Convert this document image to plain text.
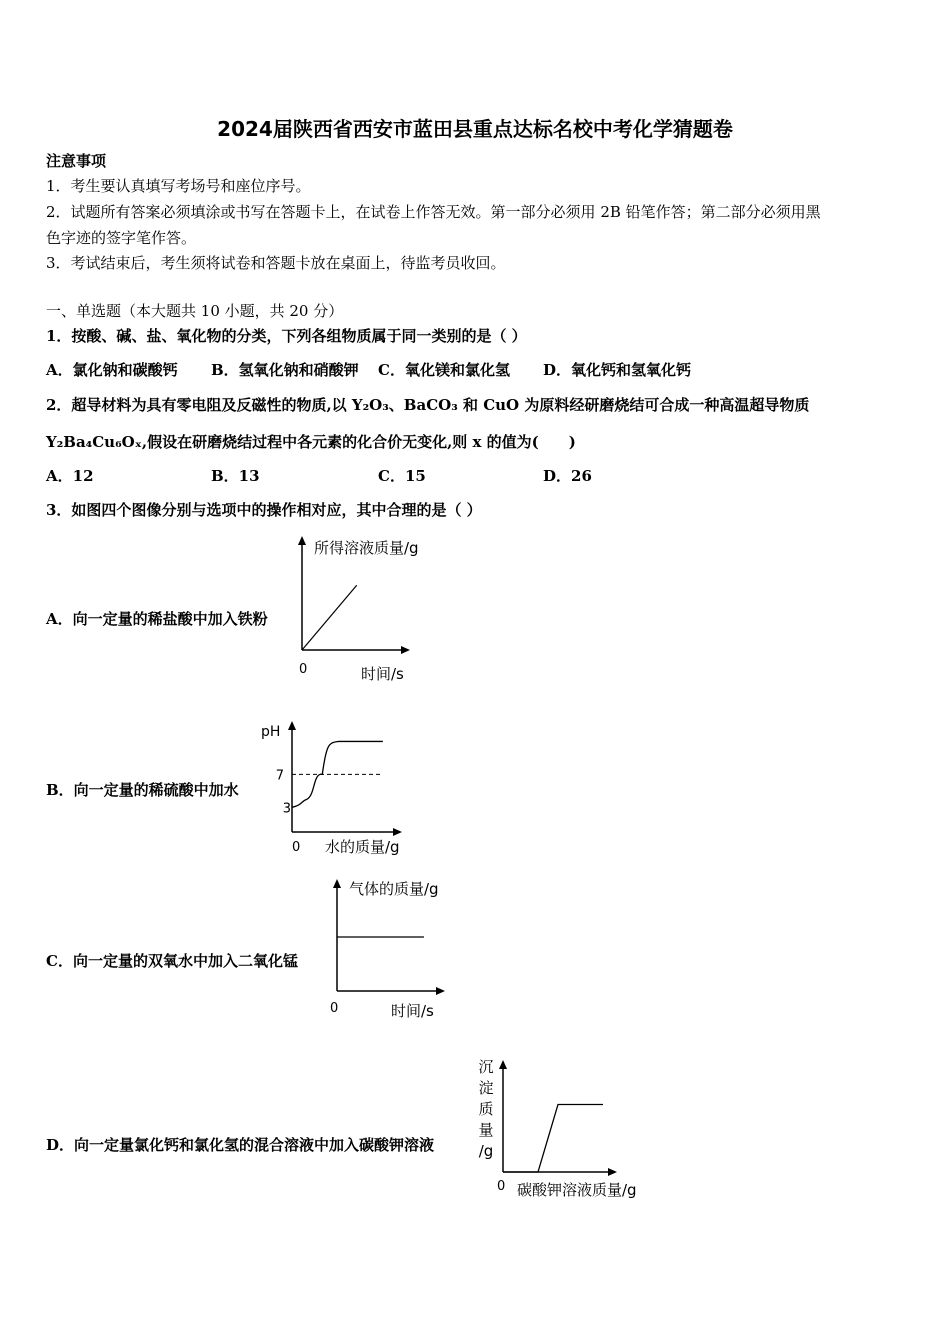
2024届陕西省西安市蓝田县重点达标名校中考化学猜题卷
注意事项
1．考生要认真填写考场号和座位序号。
2．试题所有答案必须填涂或书写在答题卡上，在试卷上作答无效。第一部分必须用 2B 铅笔作答；第二部分必须用黑
色字迹的签字笔作答。
3．考试结束后，考生须将试卷和答题卡放在桌面上，待监考员收回。
一、单选题（本大题共 10 小题，共 20 分）
1．按酸、碱、盐、氧化物的分类，下列各组物质属于同一类别的是（ ）
A．氯化钠和碳酸钙 B．氢氧化钠和硝酸钾 C．氧化镁和氯化氢 D．氧化钙和氢氧化钙
2．超导材料为具有零电阻及反磁性的物质,以 Y₂O₃、BaCO₃ 和 CuO 为原料经研磨烧结可合成一种高温超导物质
Y₂Ba₄Cu₆Oₓ,假设在研磨烧结过程中各元素的化合价无变化,则 x 的值为(　　)
A．12	B．13	C．15	D．26
3．如图四个图像分别与选项中的操作相对应，其中合理的是（ ）
A．向一定量的稀盐酸中加入铁粉
B．向一定量的稀硫酸中加水
C．向一定量的双氧水中加入二氧化锰
D．向一定量氯化钙和氯化氢的混合溶液中加入碳酸钾溶液
所得溶液质量/g
时间/s
0
pH
7
3
水的质量/g
0
气体的质量/g
时间/s
0
沉淀质量/g
碳酸钾溶液质量/g
0
